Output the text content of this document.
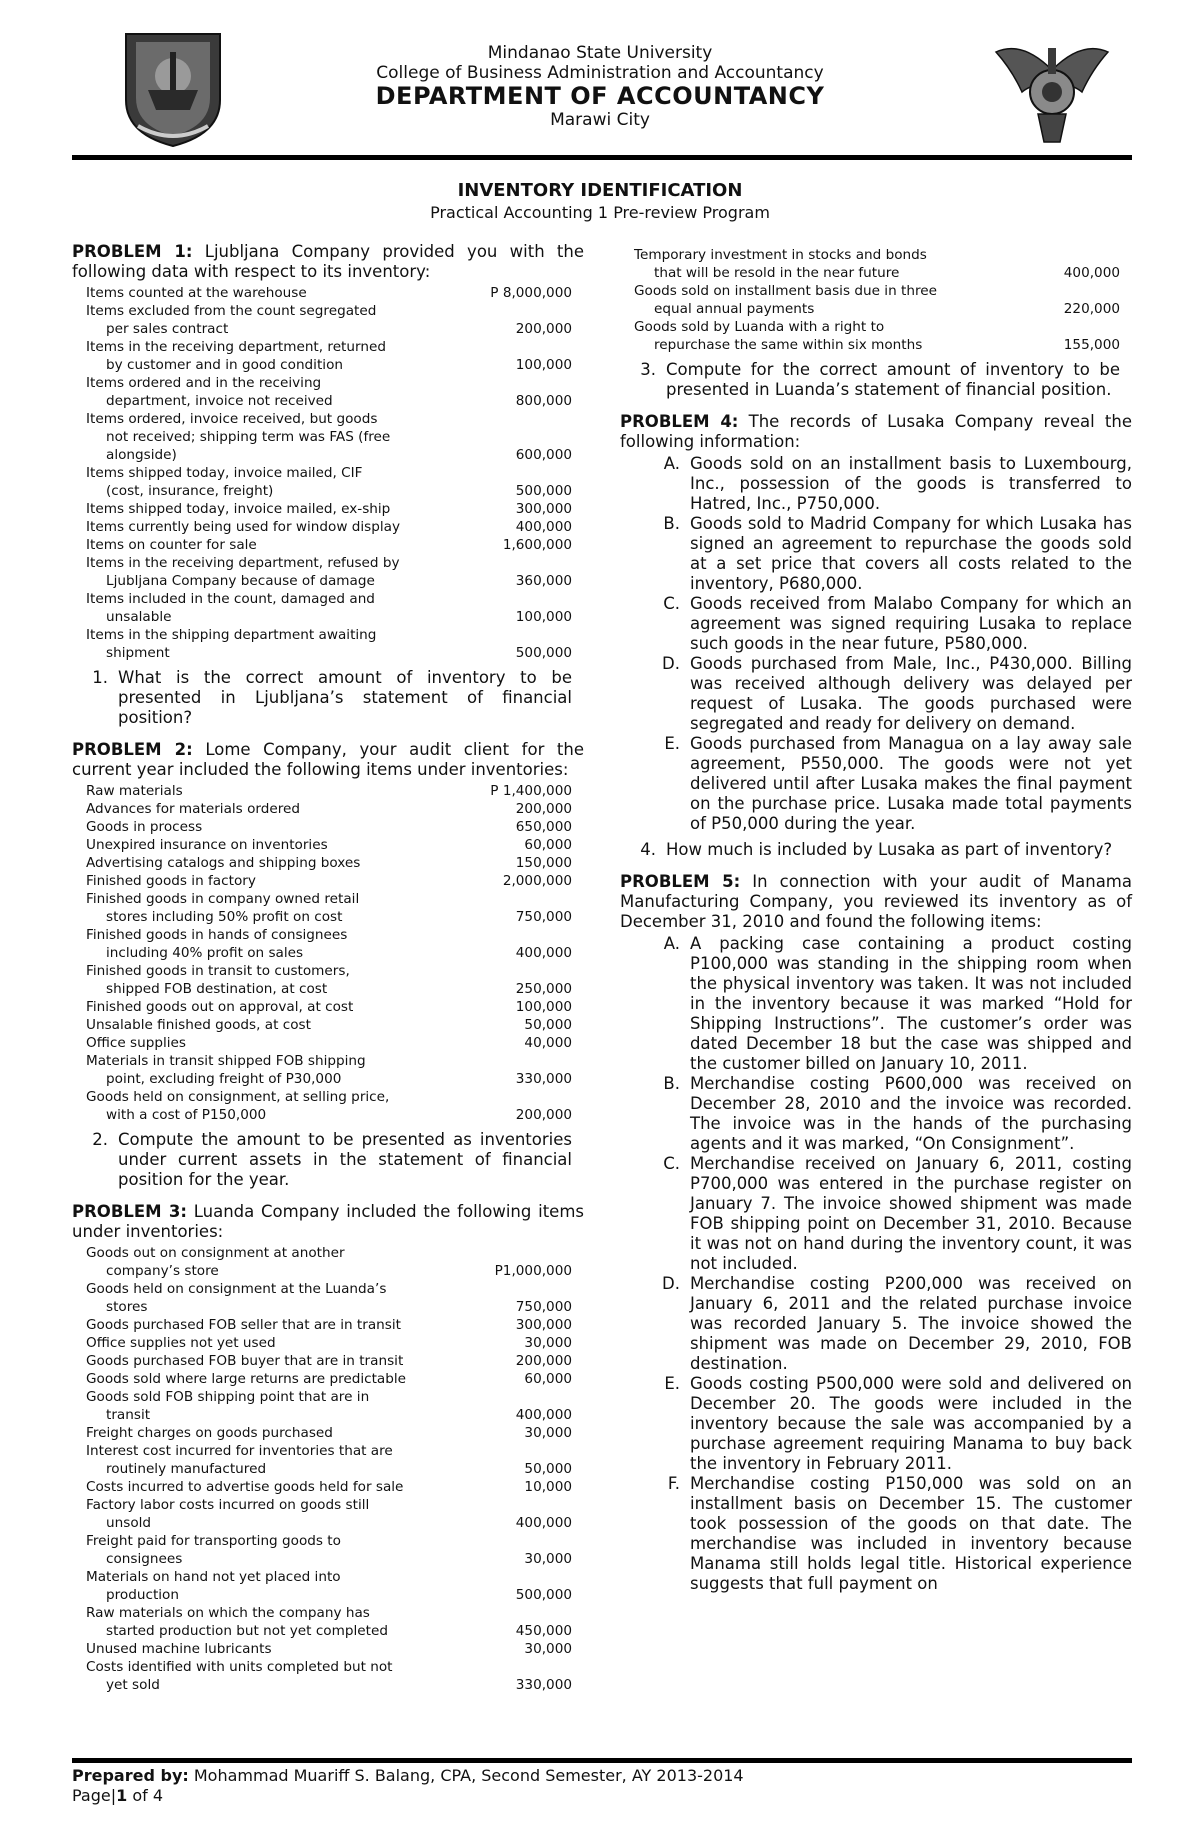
Mindanao State University
College of Business Administration and Accountancy
DEPARTMENT OF ACCOUNTANCY
Marawi City
INVENTORY IDENTIFICATION
Practical Accounting 1 Pre-review Program

PROBLEM 1: Ljubljana Company provided you with the following data with respect to its inventory:

Items counted at the warehouse	P 8,000,000
Items excluded from the count segregated
per sales contract	200,000
Items in the receiving department, returned
by customer and in good condition	100,000
Items ordered and in the receiving
department, invoice not received	800,000
Items ordered, invoice received, but goods
not received; shipping term was FAS (free alongside)	600,000
Items shipped today, invoice mailed, CIF
(cost, insurance, freight)	500,000
Items shipped today, invoice mailed, ex-ship	300,000
Items currently being used for window display	400,000
Items on counter for sale	1,600,000
Items in the receiving department, refused by
Ljubljana Company because of damage	360,000
Items included in the count, damaged and
unsalable	100,000
Items in the shipping department awaiting
shipment	500,000
1. What is the correct amount of inventory to be presented in Ljubljana’s statement of financial position?

PROBLEM 2: Lome Company, your audit client for the current year included the following items under inventories:

Raw materials	P 1,400,000
Advances for materials ordered	200,000
Goods in process	650,000
Unexpired insurance on inventories	60,000
Advertising catalogs and shipping boxes	150,000
Finished goods in factory	2,000,000
Finished goods in company owned retail
stores including 50% profit on cost	750,000
Finished goods in hands of consignees
including 40% profit on sales	400,000
Finished goods in transit to customers,
shipped FOB destination, at cost	250,000
Finished goods out on approval, at cost	100,000
Unsalable finished goods, at cost	50,000
Office supplies	40,000
Materials in transit shipped FOB shipping
point, excluding freight of P30,000	330,000
Goods held on consignment, at selling price,
with a cost of P150,000	200,000
2. Compute the amount to be presented as inventories under current assets in the statement of financial position for the year.

PROBLEM 3: Luanda Company included the following items under inventories:

Goods out on consignment at another
company’s store	P1,000,000
Goods held on consignment at the Luanda’s
stores	750,000
Goods purchased FOB seller that are in transit	300,000
Office supplies not yet used	30,000
Goods purchased FOB buyer that are in transit	200,000
Goods sold where large returns are predictable	60,000
Goods sold FOB shipping point that are in
transit	400,000
Freight charges on goods purchased	30,000
Interest cost incurred for inventories that are
routinely manufactured	50,000
Costs incurred to advertise goods held for sale	10,000
Factory labor costs incurred on goods still
unsold	400,000
Freight paid for transporting goods to
consignees	30,000
Materials on hand not yet placed into
production	500,000
Raw materials on which the company has
started production but not yet completed	450,000
Unused machine lubricants	30,000
Costs identified with units completed but not
yet sold	330,000
Temporary investment in stocks and bonds
that will be resold in the near future	400,000
Goods sold on installment basis due in three
equal annual payments	220,000
Goods sold by Luanda with a right to
repurchase the same within six months	155,000
3. Compute for the correct amount of inventory to be presented in Luanda’s statement of financial position.

PROBLEM 4: The records of Lusaka Company reveal the following information:

A. Goods sold on an installment basis to Luxembourg, Inc., possession of the goods is transferred to Hatred, Inc., P750,000.
B. Goods sold to Madrid Company for which Lusaka has signed an agreement to repurchase the goods sold at a set price that covers all costs related to the inventory, P680,000.
C. Goods received from Malabo Company for which an agreement was signed requiring Lusaka to replace such goods in the near future, P580,000.
D. Goods purchased from Male, Inc., P430,000. Billing was received although delivery was delayed per request of Lusaka. The goods purchased were segregated and ready for delivery on demand.
E. Goods purchased from Managua on a lay away sale agreement, P550,000. The goods were not yet delivered until after Lusaka makes the final payment on the purchase price. Lusaka made total payments of P50,000 during the year.
4. How much is included by Lusaka as part of inventory?

PROBLEM 5: In connection with your audit of Manama Manufacturing Company, you reviewed its inventory as of December 31, 2010 and found the following items:

A. A packing case containing a product costing P100,000 was standing in the shipping room when the physical inventory was taken. It was not included in the inventory because it was marked “Hold for Shipping Instructions”. The customer’s order was dated December 18 but the case was shipped and the customer billed on January 10, 2011.
B. Merchandise costing P600,000 was received on December 28, 2010 and the invoice was recorded. The invoice was in the hands of the purchasing agents and it was marked, “On Consignment”.
C. Merchandise received on January 6, 2011, costing P700,000 was entered in the purchase register on January 7. The invoice showed shipment was made FOB shipping point on December 31, 2010. Because it was not on hand during the inventory count, it was not included.
D. Merchandise costing P200,000 was received on January 6, 2011 and the related purchase invoice was recorded January 5. The invoice showed the shipment was made on December 29, 2010, FOB destination.
E. Goods costing P500,000 were sold and delivered on December 20. The goods were included in the inventory because the sale was accompanied by a purchase agreement requiring Manama to buy back the inventory in February 2011.
F. Merchandise costing P150,000 was sold on an installment basis on December 15. The customer took possession of the goods on that date. The merchandise was included in inventory because Manama still holds legal title. Historical experience suggests that full payment on
Prepared by: Mohammad Muariff S. Balang, CPA, Second Semester, AY 2013-2014
Page|1 of 4
